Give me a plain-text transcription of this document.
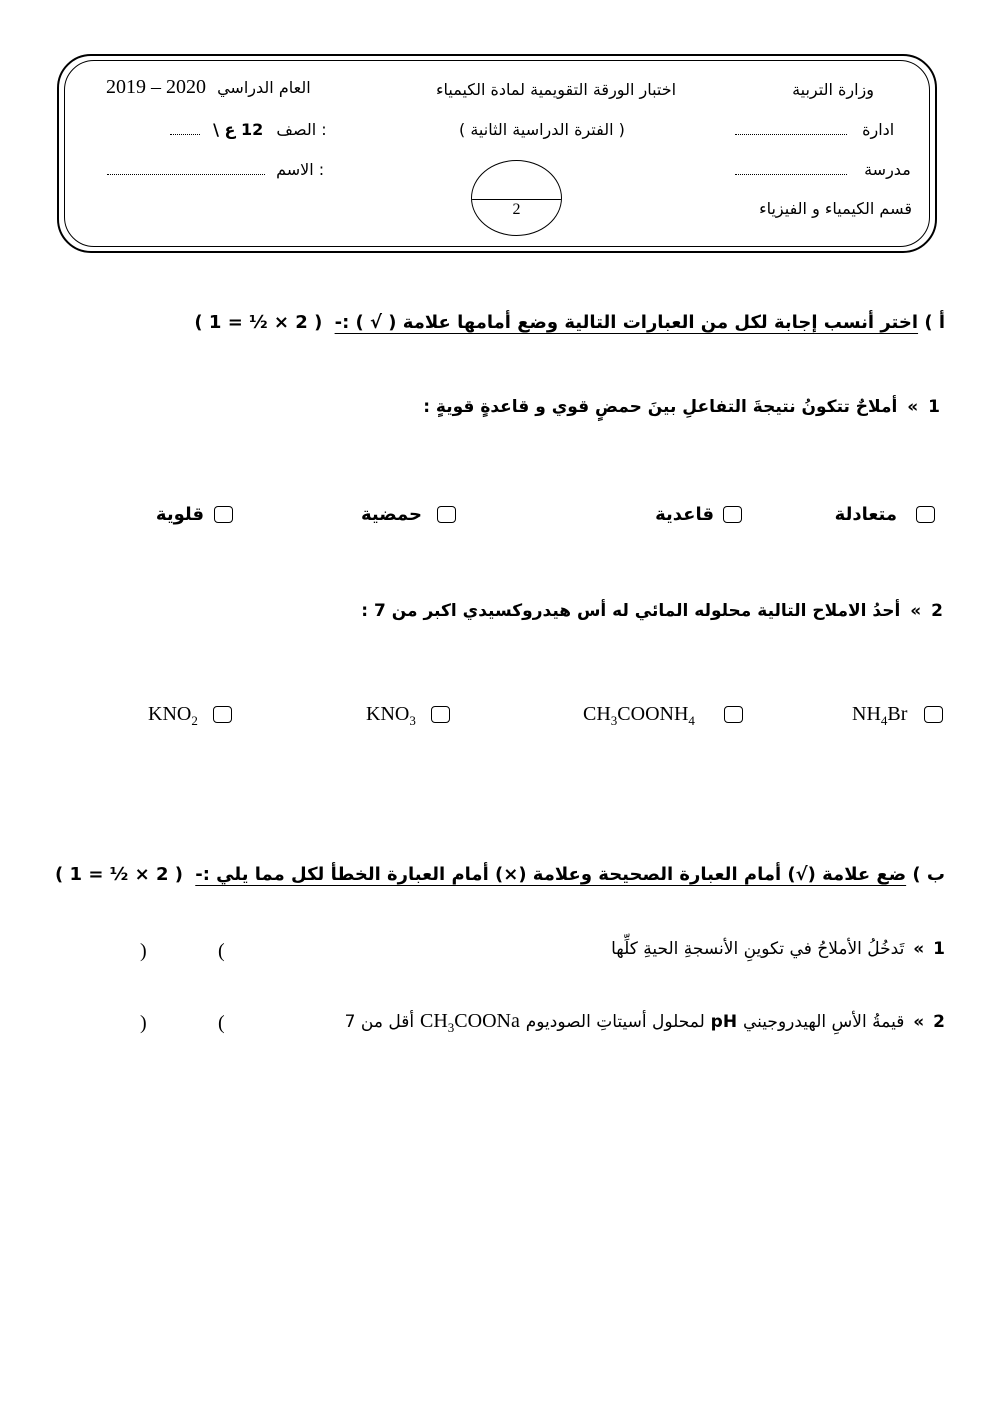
وزارة التربية
اختبار الورقة التقويمية لمادة الكيمياء
2019 – 2020 العام الدراسي
ادارة
( الفترة الدراسية الثانية )
12 ع \ الصف :
مدرسة
الاسم :
قسم الكيمياء و الفيزياء
2
أ ) اختر أنسب إجابة لكل من العبارات التالية وضع أمامها علامة ( √ ) :- ( 2 × ½ = 1 )
1 » أملاحٌ تتكونُ نتيجةَ التفاعلِ بينَ حمضٍ قوي و قاعدةٍ قويةٍ :
متعادلة
قاعدية
حمضية
قلوية
2 » أحدُ الاملاح التالية محلوله المائي له أس هيدروكسيدي اكبر من 7 :
$NH_4Br$
$CH_3COONH_4$
$KNO_3$
$KNO_2$
ب ) ضع علامة (√) أمام العبارة الصحيحة وعلامة (×) أمام العبارة الخطأ لكل مما يلي :- ( 2 × ½ = 1 )
1 » تَدخُلُ الأملاحُ في تكوينِ الأنسجةِ الحيةِ كلِّها
)	(
2 » قيمةُ الأسِ الهيدروجيني pH لمحلول أسيتاتِ الصوديوم $CH_3COONa$ أقل من 7
)	(
